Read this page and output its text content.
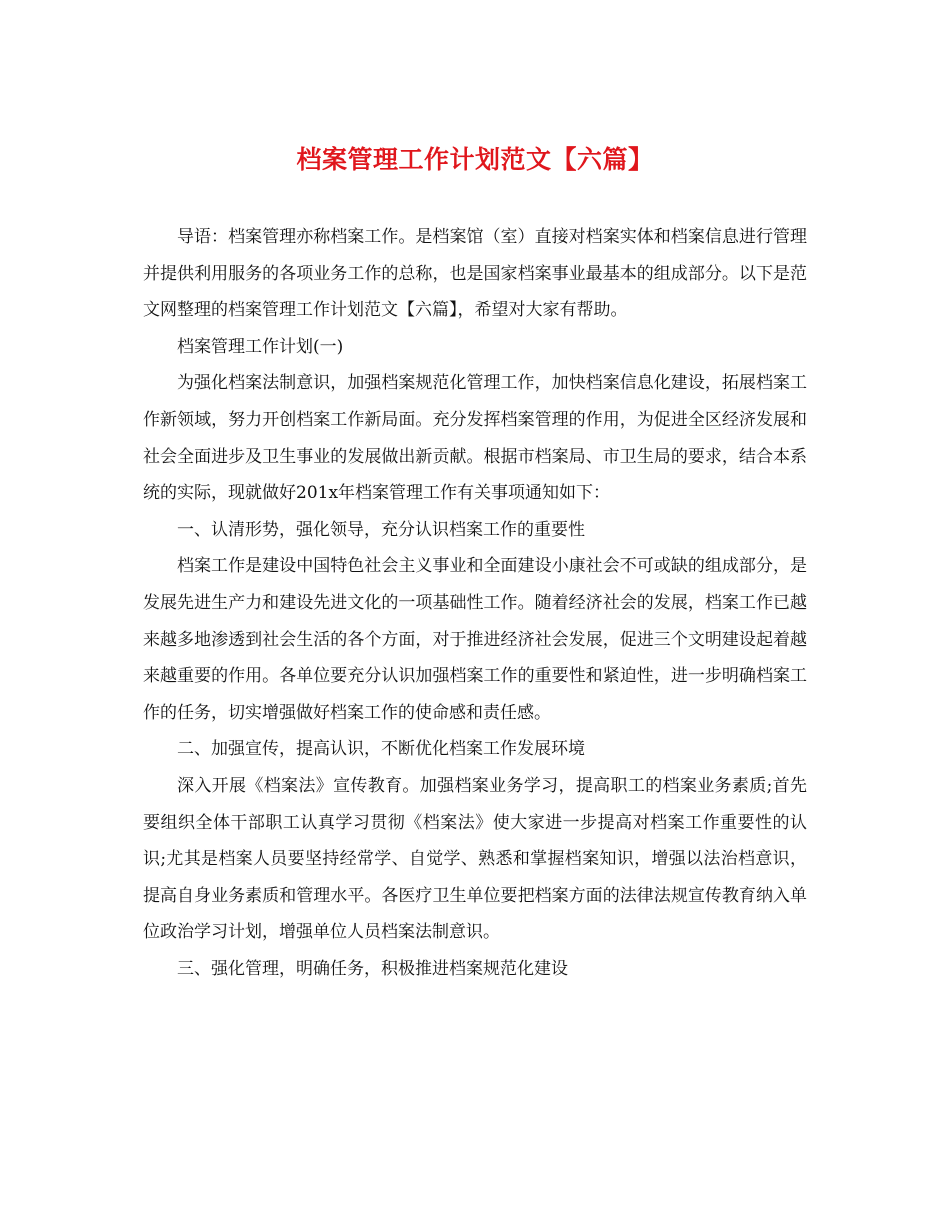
档案管理工作计划范文【六篇】

导语：档案管理亦称档案工作。是档案馆（室）直接对档案实体和档案信息进行管理并提供利用服务的各项业务工作的总称，也是国家档案事业最基本的组成部分。以下是范文网整理的档案管理工作计划范文【六篇】，希望对大家有帮助。

档案管理工作计划(一)

为强化档案法制意识，加强档案规范化管理工作，加快档案信息化建设，拓展档案工作新领域，努力开创档案工作新局面。充分发挥档案管理的作用，为促进全区经济发展和社会全面进步及卫生事业的发展做出新贡献。根据市档案局、市卫生局的要求，结合本系统的实际，现就做好201x年档案管理工作有关事项通知如下：

一、认清形势，强化领导，充分认识档案工作的重要性

档案工作是建设中国特色社会主义事业和全面建设小康社会不可或缺的组成部分，是发展先进生产力和建设先进文化的一项基础性工作。随着经济社会的发展，档案工作已越来越多地渗透到社会生活的各个方面，对于推进经济社会发展，促进三个文明建设起着越来越重要的作用。各单位要充分认识加强档案工作的重要性和紧迫性，进一步明确档案工作的任务，切实增强做好档案工作的使命感和责任感。

二、加强宣传，提高认识，不断优化档案工作发展环境

深入开展《档案法》宣传教育。加强档案业务学习，提高职工的档案业务素质;首先要组织全体干部职工认真学习贯彻《档案法》使大家进一步提高对档案工作重要性的认识;尤其是档案人员要坚持经常学、自觉学、熟悉和掌握档案知识，增强以法治档意识，提高自身业务素质和管理水平。各医疗卫生单位要把档案方面的法律法规宣传教育纳入单位政治学习计划，增强单位人员档案法制意识。

三、强化管理，明确任务，积极推进档案规范化建设
